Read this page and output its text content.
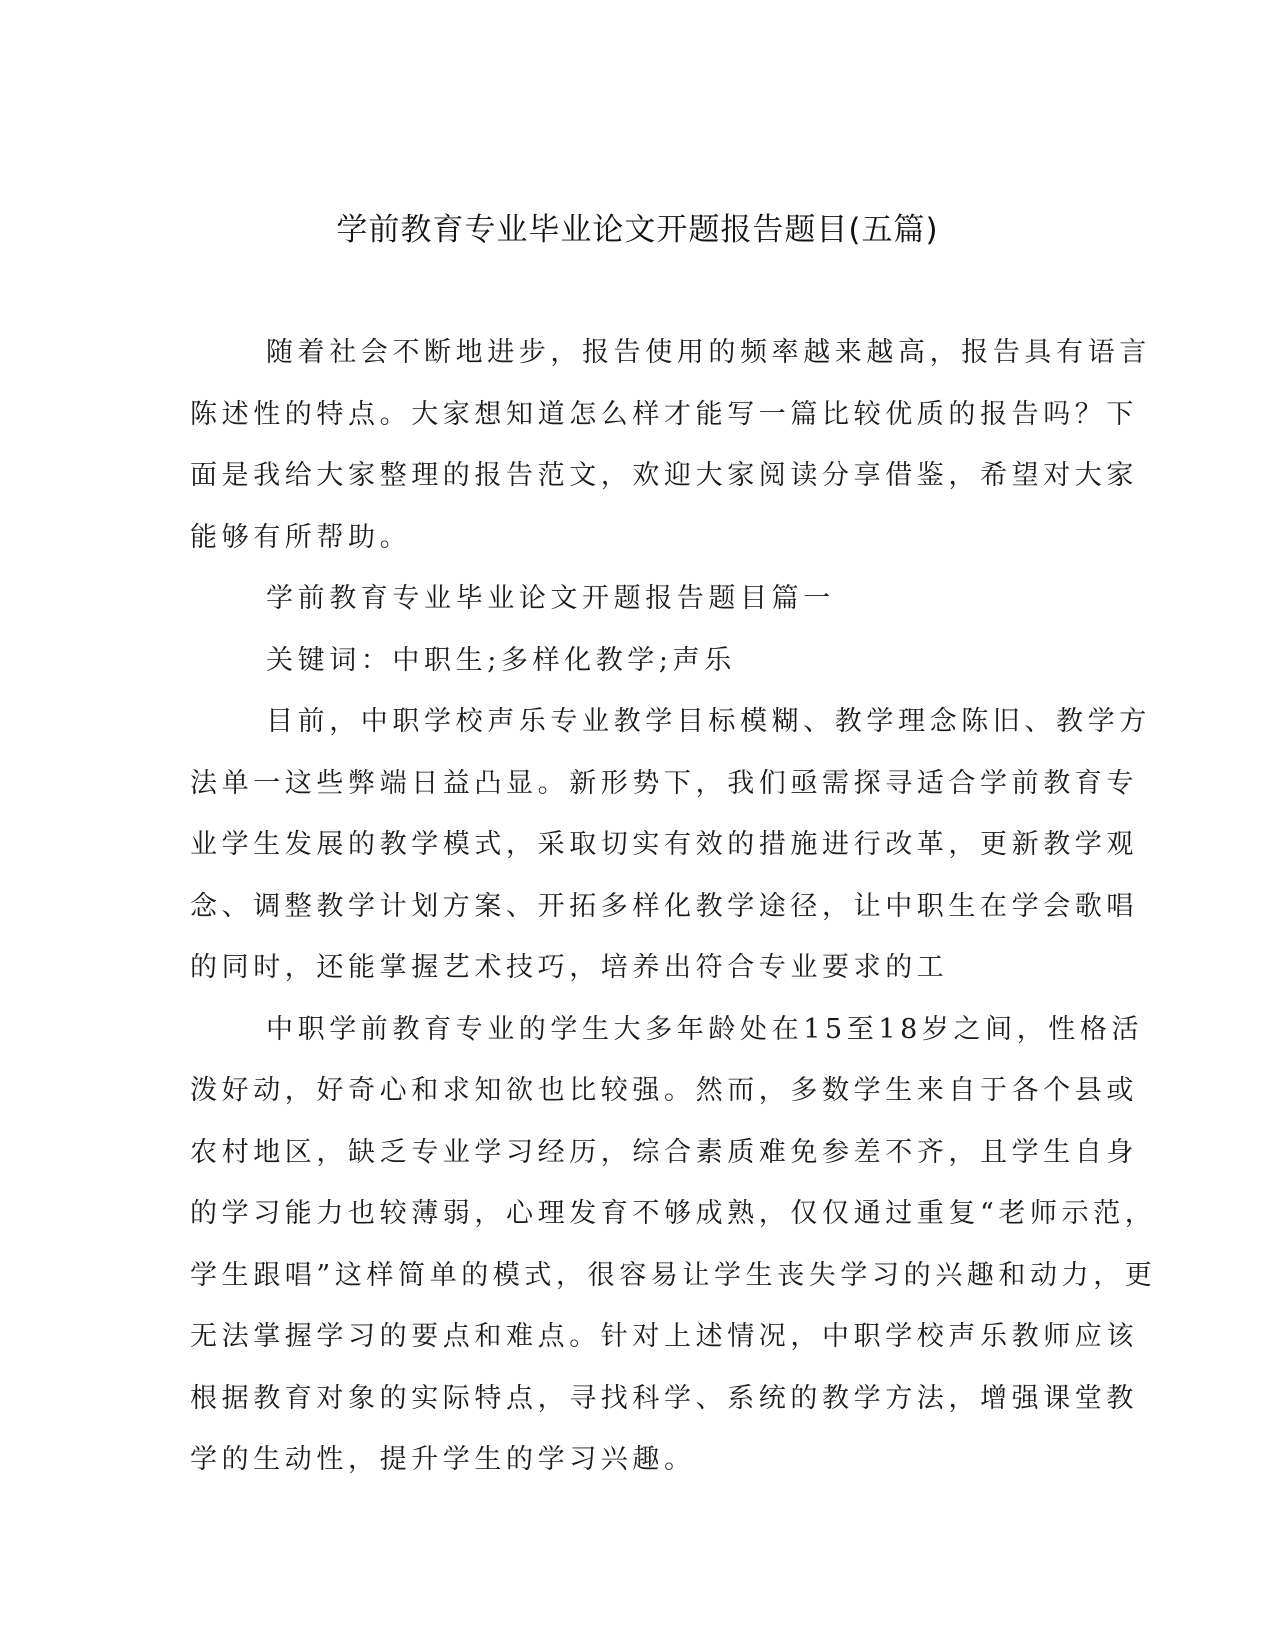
学前教育专业毕业论文开题报告题目(五篇)
随着社会不断地进步，报告使用的频率越来越高，报告具有语言
陈述性的特点。大家想知道怎么样才能写一篇比较优质的报告吗？下
面是我给大家整理的报告范文，欢迎大家阅读分享借鉴，希望对大家
能够有所帮助。
学前教育专业毕业论文开题报告题目篇一
关键词：中职生;多样化教学;声乐
目前，中职学校声乐专业教学目标模糊、教学理念陈旧、教学方
法单一这些弊端日益凸显。新形势下，我们亟需探寻适合学前教育专
业学生发展的教学模式，采取切实有效的措施进行改革，更新教学观
念、调整教学计划方案、开拓多样化教学途径，让中职生在学会歌唱
的同时，还能掌握艺术技巧，培养出符合专业要求的工
中职学前教育专业的学生大多年龄处在15至18岁之间，性格活
泼好动，好奇心和求知欲也比较强。然而，多数学生来自于各个县或
农村地区，缺乏专业学习经历，综合素质难免参差不齐，且学生自身
的学习能力也较薄弱，心理发育不够成熟，仅仅通过重复“老师示范，
学生跟唱”这样简单的模式，很容易让学生丧失学习的兴趣和动力，更
无法掌握学习的要点和难点。针对上述情况，中职学校声乐教师应该
根据教育对象的实际特点，寻找科学、系统的教学方法，增强课堂教
学的生动性，提升学生的学习兴趣。
